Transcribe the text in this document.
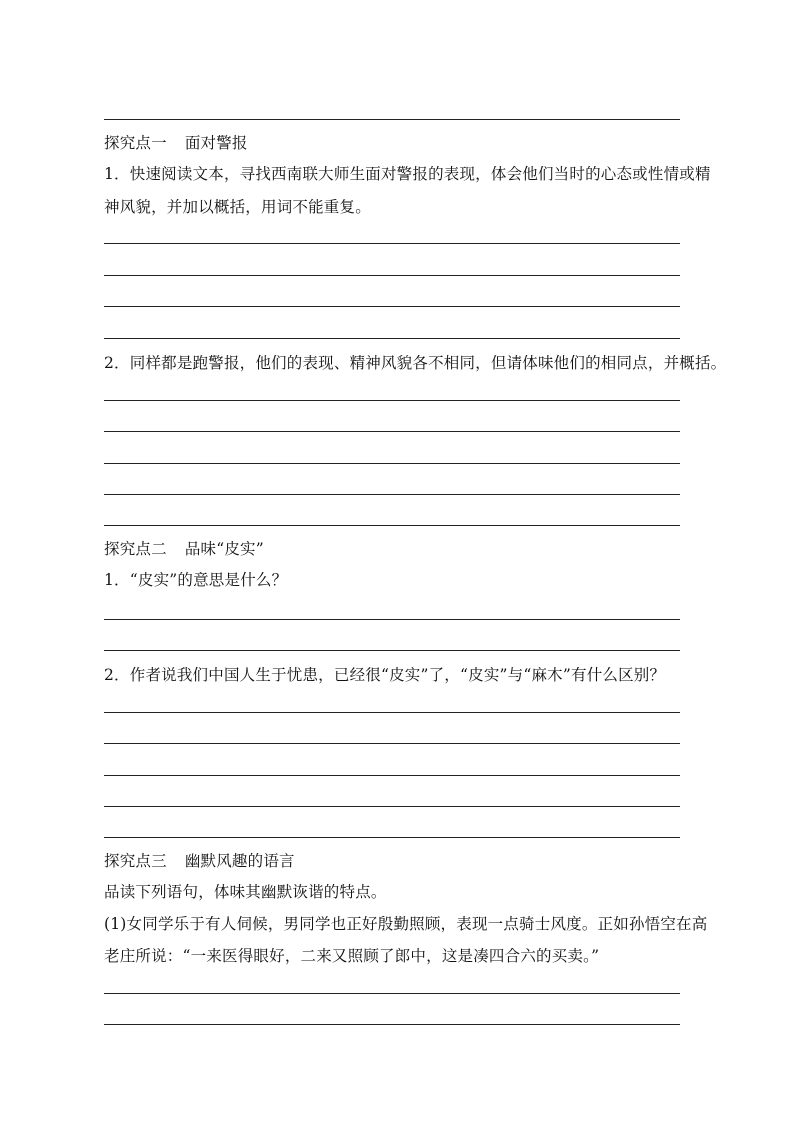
探究点一 面对警报
1．快速阅读文本，寻找西南联大师生面对警报的表现，体会他们当时的心态或性情或精
神风貌，并加以概括，用词不能重复。
2．同样都是跑警报，他们的表现、精神风貌各不相同，但请体味他们的相同点，并概括。
探究点二 品味“皮实”
1．“皮实”的意思是什么？
2．作者说我们中国人生于忧患，已经很“皮实”了，“皮实”与“麻木”有什么区别？
探究点三 幽默风趣的语言
品读下列语句，体味其幽默诙谐的特点。
(1)女同学乐于有人伺候，男同学也正好殷勤照顾，表现一点骑士风度。正如孙悟空在高
老庄所说：“一来医得眼好，二来又照顾了郎中，这是凑四合六的买卖。”
